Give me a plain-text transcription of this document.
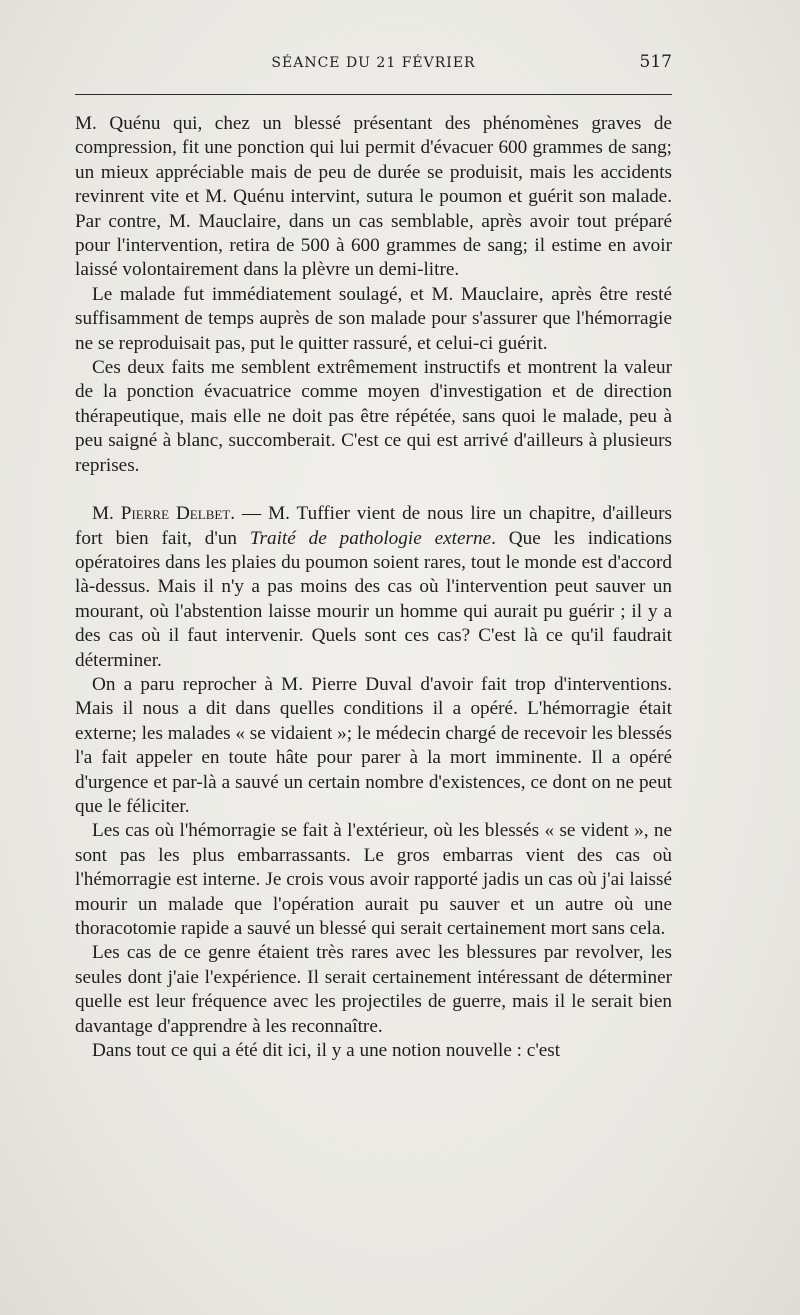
SÉANCE DU 21 FÉVRIER	517

M. Quénu qui, chez un blessé présentant des phénomènes graves de compression, fit une ponction qui lui permit d'évacuer 600 grammes de sang; un mieux appréciable mais de peu de durée se produisit, mais les accidents revinrent vite et M. Quénu intervint, sutura le poumon et guérit son malade. Par contre, M. Mauclaire, dans un cas semblable, après avoir tout préparé pour l'intervention, retira de 500 à 600 grammes de sang; il estime en avoir laissé volontairement dans la plèvre un demi-litre.

Le malade fut immédiatement soulagé, et M. Mauclaire, après être resté suffisamment de temps auprès de son malade pour s'assurer que l'hémorragie ne se reproduisait pas, put le quitter rassuré, et celui-ci guérit.

Ces deux faits me semblent extrêmement instructifs et montrent la valeur de la ponction évacuatrice comme moyen d'investigation et de direction thérapeutique, mais elle ne doit pas être répétée, sans quoi le malade, peu à peu saigné à blanc, succomberait. C'est ce qui est arrivé d'ailleurs à plusieurs reprises.

M. Pierre Delbet. — M. Tuffier vient de nous lire un chapitre, d'ailleurs fort bien fait, d'un Traité de pathologie externe. Que les indications opératoires dans les plaies du poumon soient rares, tout le monde est d'accord là-dessus. Mais il n'y a pas moins des cas où l'intervention peut sauver un mourant, où l'abstention laisse mourir un homme qui aurait pu guérir ; il y a des cas où il faut intervenir. Quels sont ces cas? C'est là ce qu'il faudrait déterminer.

On a paru reprocher à M. Pierre Duval d'avoir fait trop d'interventions. Mais il nous a dit dans quelles conditions il a opéré. L'hémorragie était externe; les malades « se vidaient »; le médecin chargé de recevoir les blessés l'a fait appeler en toute hâte pour parer à la mort imminente. Il a opéré d'urgence et par-là a sauvé un certain nombre d'existences, ce dont on ne peut que le féliciter.

Les cas où l'hémorragie se fait à l'extérieur, où les blessés « se vident », ne sont pas les plus embarrassants. Le gros embarras vient des cas où l'hémorragie est interne. Je crois vous avoir rapporté jadis un cas où j'ai laissé mourir un malade que l'opération aurait pu sauver et un autre où une thoracotomie rapide a sauvé un blessé qui serait certainement mort sans cela.

Les cas de ce genre étaient très rares avec les blessures par revolver, les seules dont j'aie l'expérience. Il serait certainement intéressant de déterminer quelle est leur fréquence avec les projectiles de guerre, mais il le serait bien davantage d'apprendre à les reconnaître.

Dans tout ce qui a été dit ici, il y a une notion nouvelle : c'est
